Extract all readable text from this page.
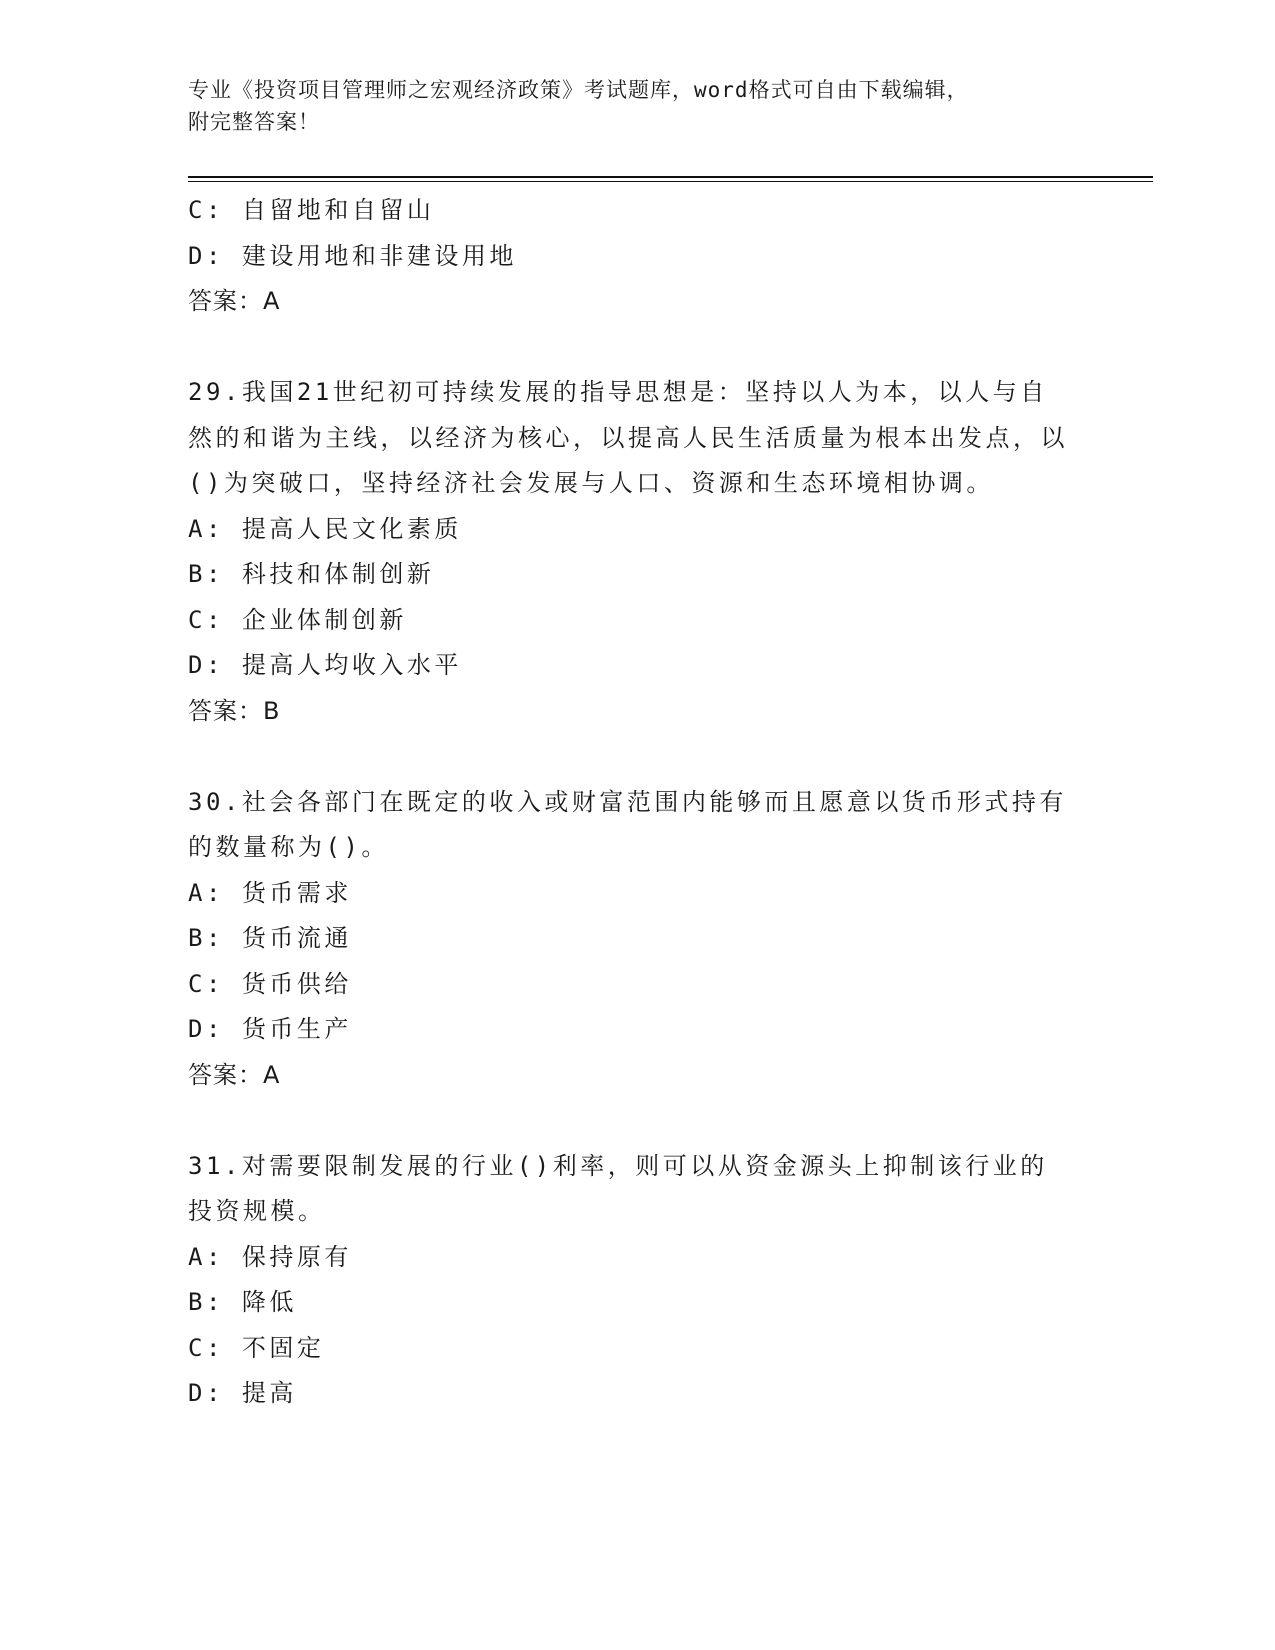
专业《投资项目管理师之宏观经济政策》考试题库，word格式可自由下载编辑，
附完整答案！
C: 自留地和自留山
D: 建设用地和非建设用地
答案：A
29.我国21世纪初可持续发展的指导思想是：坚持以人为本，以人与自然的和谐为主线，以经济为核心，以提高人民生活质量为根本出发点，以()为突破口，坚持经济社会发展与人口、资源和生态环境相协调。
A: 提高人民文化素质
B: 科技和体制创新
C: 企业体制创新
D: 提高人均收入水平
答案：B
30.社会各部门在既定的收入或财富范围内能够而且愿意以货币形式持有的数量称为()。
A: 货币需求
B: 货币流通
C: 货币供给
D: 货币生产
答案：A
31.对需要限制发展的行业()利率，则可以从资金源头上抑制该行业的投资规模。
A: 保持原有
B: 降低
C: 不固定
D: 提高
